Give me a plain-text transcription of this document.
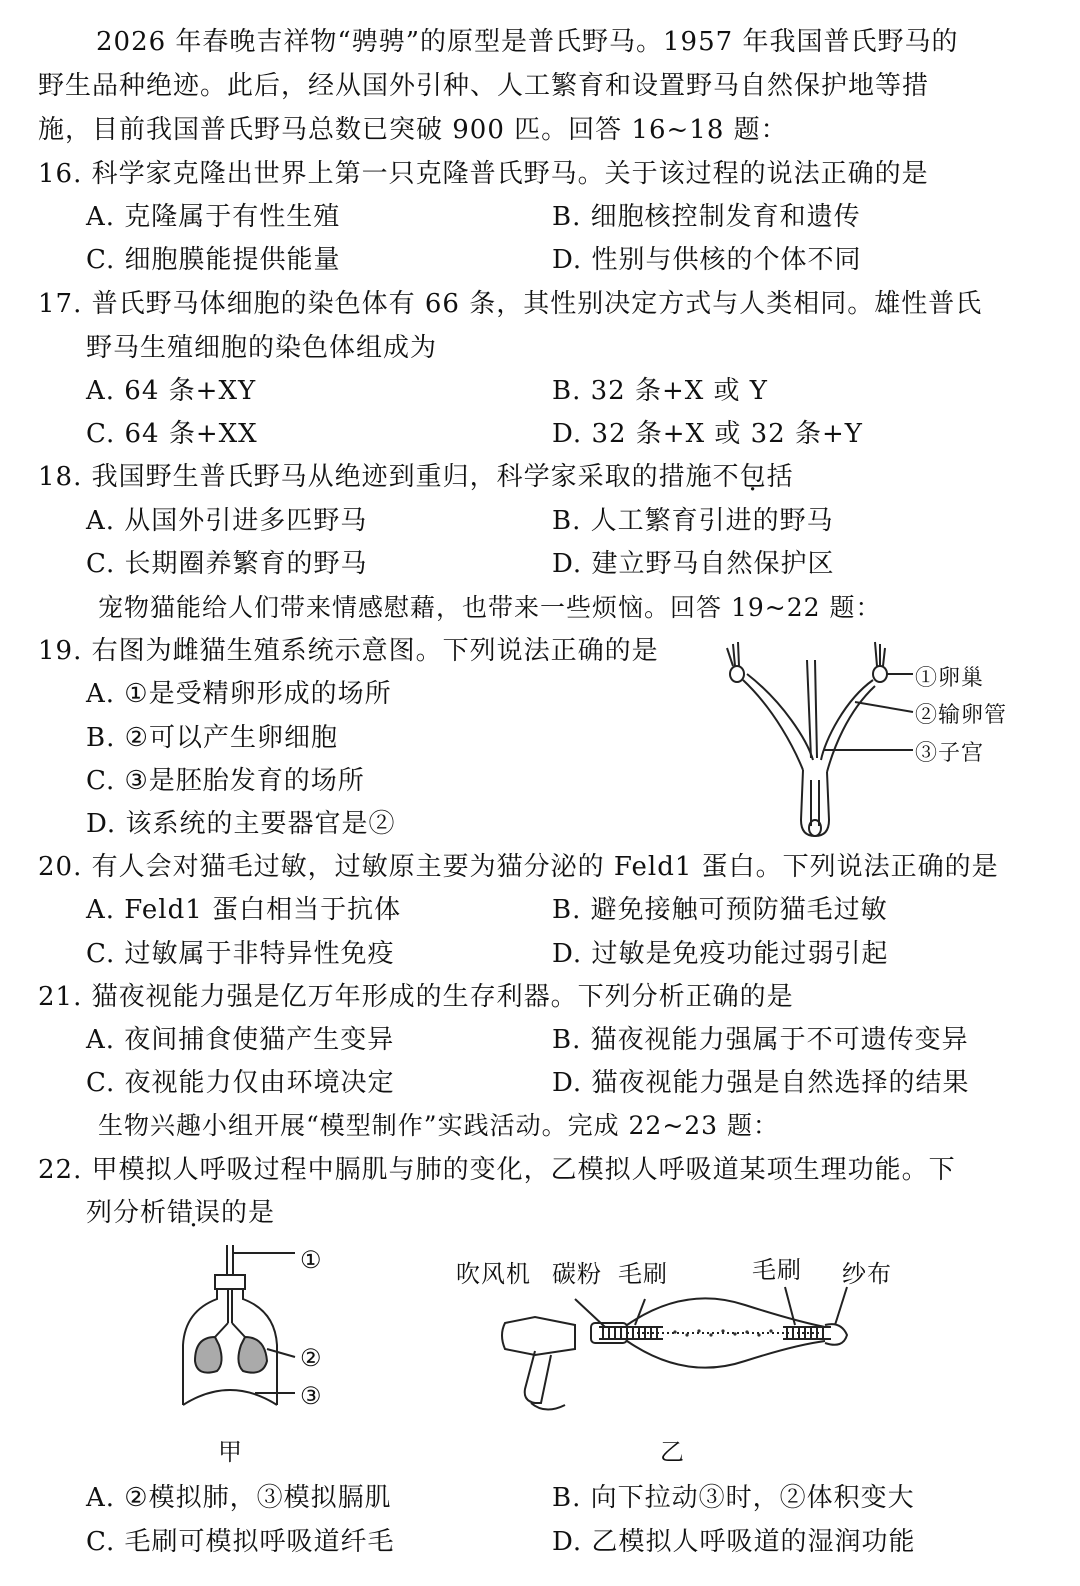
2026 年春晚吉祥物“骋骋”的原型是普氏野马。1957 年我国普氏野马的
野生品种绝迹。此后，经从国外引种、人工繁育和设置野马自然保护地等措
施，目前我国普氏野马总数已突破 900 匹。回答 16~18 题：
16. 科学家克隆出世界上第一只克隆普氏野马。关于该过程的说法正确的是
A. 克隆属于有性生殖	B. 细胞核控制发育和遗传
C. 细胞膜能提供能量	D. 性别与供核的个体不同
17. 普氏野马体细胞的染色体有 66 条，其性别决定方式与人类相同。雄性普氏
野马生殖细胞的染色体组成为
A. 64 条+XY	B. 32 条+X 或 Y
C. 64 条+XX	D. 32 条+X 或 32 条+Y
18. 我国野生普氏野马从绝迹到重归，科学家采取的措施不包括
A. 从国外引进多匹野马	B. 人工繁育引进的野马
C. 长期圈养繁育的野马	D. 建立野马自然保护区
宠物猫能给人们带来情感慰藉，也带来一些烦恼。回答 19~22 题：
19. 右图为雌猫生殖系统示意图。下列说法正确的是
A. ①是受精卵形成的场所
B. ②可以产生卵细胞
C. ③是胚胎发育的场所
D. 该系统的主要器官是②
①卵巢
②输卵管
③子宫
20. 有人会对猫毛过敏，过敏原主要为猫分泌的 Feld1 蛋白。下列说法正确的是
A. Feld1 蛋白相当于抗体	B. 避免接触可预防猫毛过敏
C. 过敏属于非特异性免疫	D. 过敏是免疫功能过弱引起
21. 猫夜视能力强是亿万年形成的生存利器。下列分析正确的是
A. 夜间捕食使猫产生变异	B. 猫夜视能力强属于不可遗传变异
C. 夜视能力仅由环境决定	D. 猫夜视能力强是自然选择的结果
生物兴趣小组开展“模型制作”实践活动。完成 22~23 题：
22. 甲模拟人呼吸过程中膈肌与肺的变化，乙模拟人呼吸道某项生理功能。下
列分析错误的是
①
②
③
甲
吹风机 碳粉 毛刷	毛刷 纱布
乙
A. ②模拟肺，③模拟膈肌	B. 向下拉动③时，②体积变大
C. 毛刷可模拟呼吸道纤毛	D. 乙模拟人呼吸道的湿润功能
